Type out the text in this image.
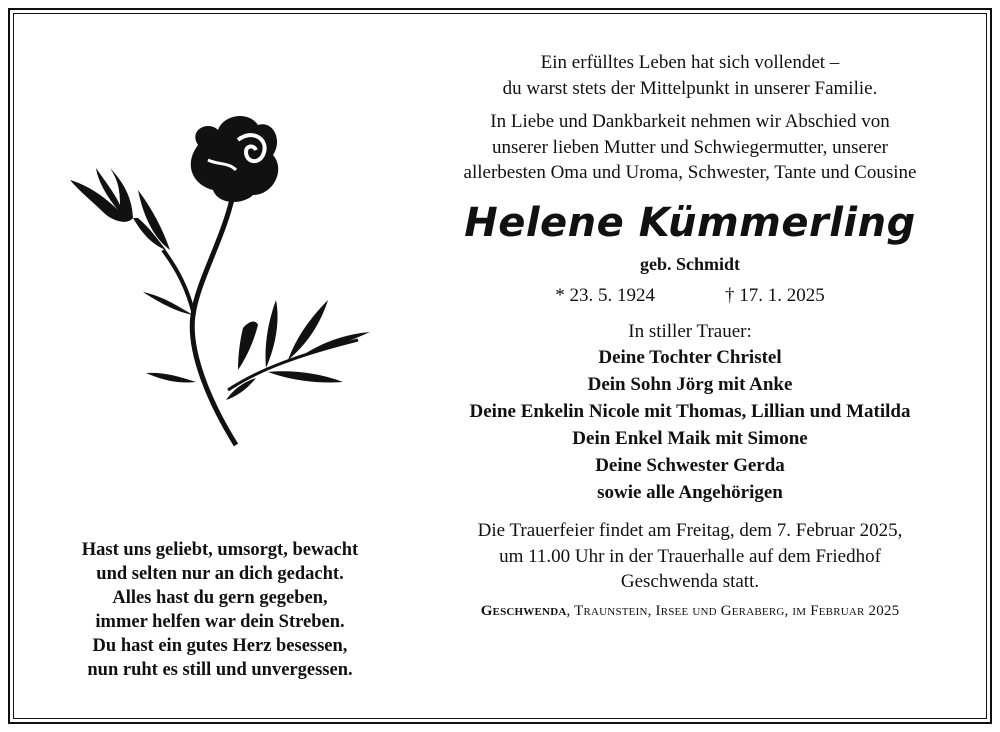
Hast uns geliebt, umsorgt, bewacht
und selten nur an dich gedacht.
Alles hast du gern gegeben,
immer helfen war dein Streben.
Du hast ein gutes Herz besessen,
nun ruht es still und unvergessen.

Ein erfülltes Leben hat sich vollendet –

du warst stets der Mittelpunkt in unserer Familie.

In Liebe und Dankbarkeit nehmen wir Abschied von

unserer lieben Mutter und Schwiegermutter, unserer

allerbesten Oma und Uroma, Schwester, Tante und Cousine

Helene Kümmerling
geb. Schmidt
* 23. 5. 1924	† 17. 1. 2025
In stiller Trauer:
Deine Tochter Christel
Dein Sohn Jörg mit Anke
Deine Enkelin Nicole mit Thomas, Lillian und Matilda
Dein Enkel Maik mit Simone
Deine Schwester Gerda
sowie alle Angehörigen
Die Trauerfeier findet am Freitag, dem 7. Februar 2025,
um 11.00 Uhr in der Trauerhalle auf dem Friedhof
Geschwenda statt.
Geschwenda, Traunstein, Irsee und Geraberg, im Februar 2025
